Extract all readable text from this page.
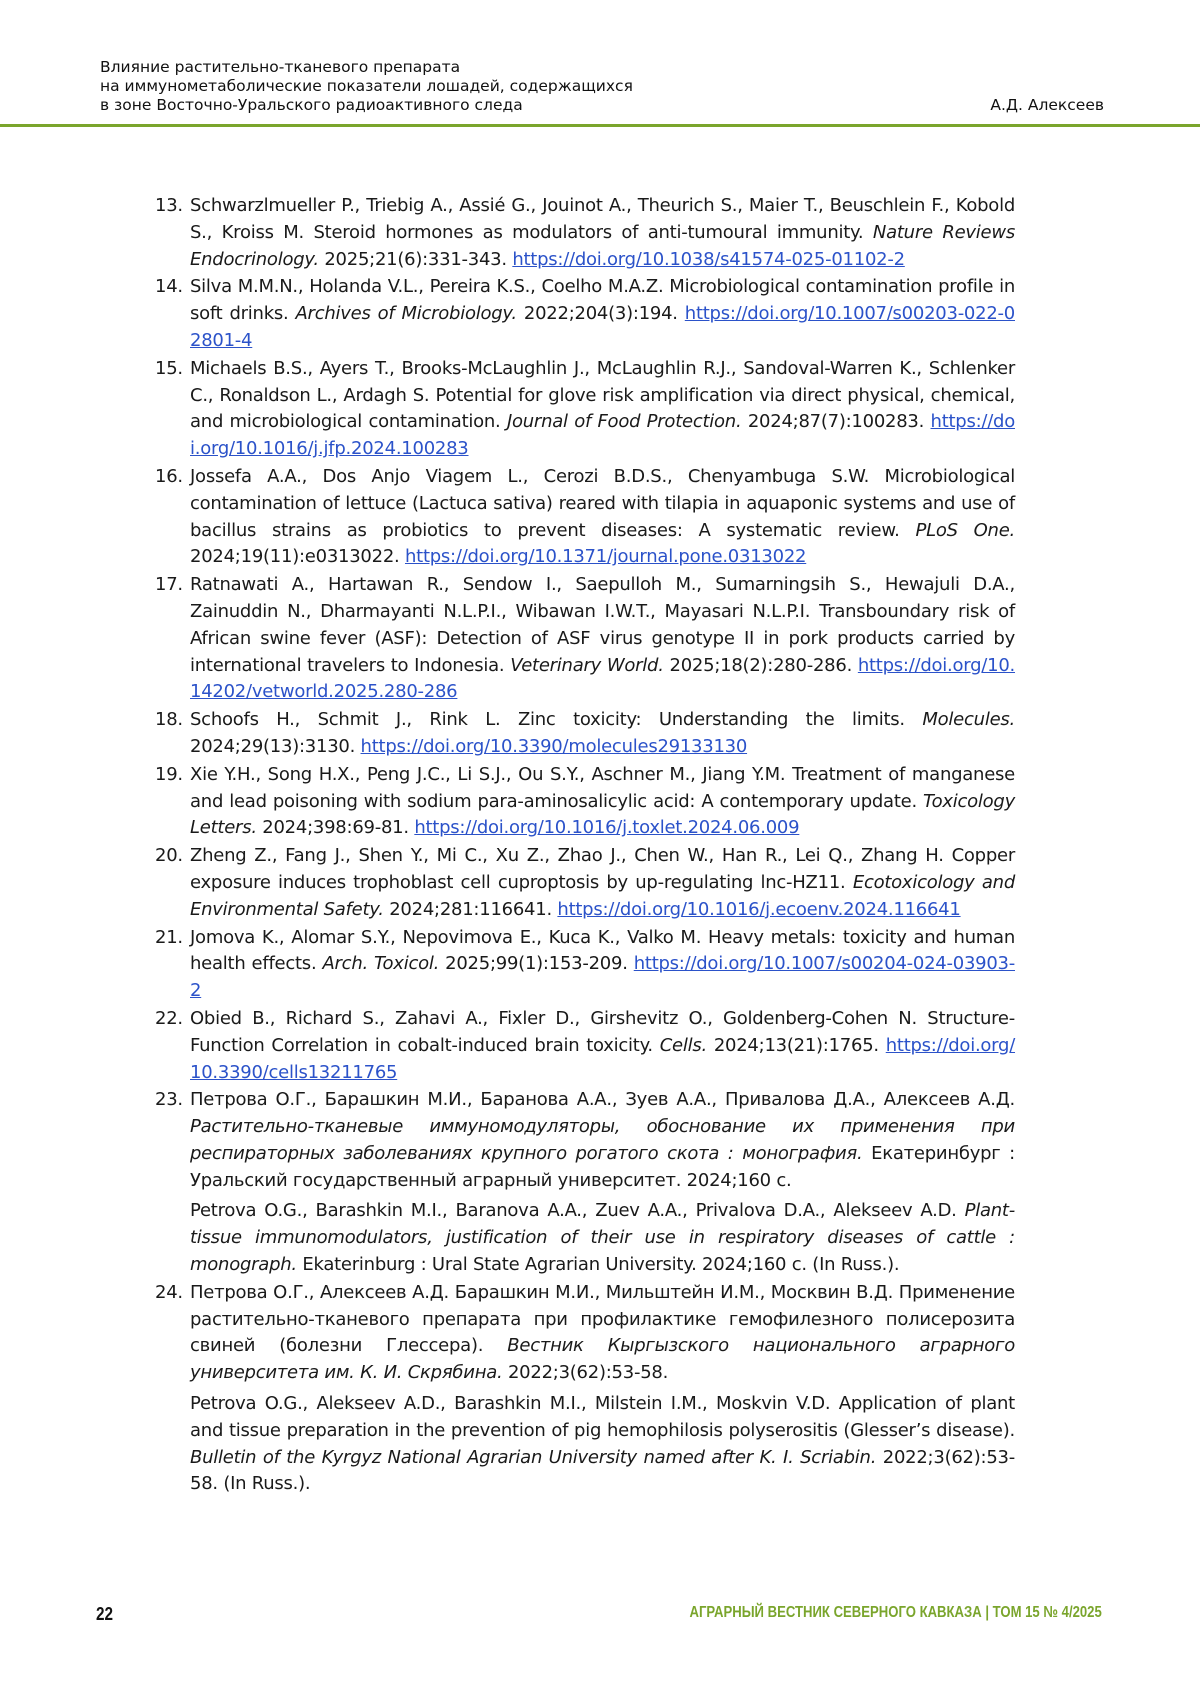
Влияние растительно-тканевого препарата
на иммунометаболические показатели лошадей, содержащихся
в зоне Восточно-Уральского радиоактивного следа	А.Д. Алексеев
13. Schwarzlmueller P., Triebig A., Assié G., Jouinot A., Theurich S., Maier T., Beuschlein F., Kobold S., Kroiss M. Steroid hormones as modulators of anti-tumoural immunity. Nature Reviews Endocrinology. 2025;21(6):331-343. https://doi.org/10.1038/s41574-025-01102-2
14. Silva M.M.N., Holanda V.L., Pereira K.S., Coelho M.A.Z. Microbiological contamination profile in soft drinks. Archives of Microbiology. 2022;204(3):194. https://doi.org/10.1007/s00203-022-02801-4
15. Michaels B.S., Ayers T., Brooks-McLaughlin J., McLaughlin R.J., Sandoval-Warren K., Schlenker C., Ronaldson L., Ardagh S. Potential for glove risk amplification via direct physical, chemical, and microbiological contamination. Journal of Food Protection. 2024;87(7):100283. https://doi.org/10.1016/j.jfp.2024.100283
16. Jossefa A.A., Dos Anjo Viagem L., Cerozi B.D.S., Chenyambuga S.W. Microbiological contamination of lettuce (Lactuca sativa) reared with tilapia in aquaponic systems and use of bacillus strains as probiotics to prevent diseases: A systematic review. PLoS One. 2024;19(11):e0313022. https://doi.org/10.1371/journal.pone.0313022
17. Ratnawati A., Hartawan R., Sendow I., Saepulloh M., Sumarningsih S., Hewajuli D.A., Zainuddin N., Dharmayanti N.L.P.I., Wibawan I.W.T., Mayasari N.L.P.I. Transboundary risk of African swine fever (ASF): Detection of ASF virus genotype II in pork products carried by international travelers to Indonesia. Veterinary World. 2025;18(2):280-286. https://doi.org/10.14202/vetworld.2025.280-286
18. Schoofs H., Schmit J., Rink L. Zinc toxicity: Understanding the limits. Molecules. 2024;29(13):3130. https://doi.org/10.3390/molecules29133130
19. Xie Y.H., Song H.X., Peng J.C., Li S.J., Ou S.Y., Aschner M., Jiang Y.M. Treatment of manganese and lead poisoning with sodium para-aminosalicylic acid: A contemporary update. Toxicology Letters. 2024;398:69-81. https://doi.org/10.1016/j.toxlet.2024.06.009
20. Zheng Z., Fang J., Shen Y., Mi C., Xu Z., Zhao J., Chen W., Han R., Lei Q., Zhang H. Copper exposure induces trophoblast cell cuproptosis by up-regulating lnc-HZ11. Ecotoxicology and Environmental Safety. 2024;281:116641. https://doi.org/10.1016/j.ecoenv.2024.116641
21. Jomova K., Alomar S.Y., Nepovimova E., Kuca K., Valko M. Heavy metals: toxicity and human health effects. Arch. Toxicol. 2025;99(1):153-209. https://doi.org/10.1007/s00204-024-03903-2
22. Obied B., Richard S., Zahavi A., Fixler D., Girshevitz O., Goldenberg-Cohen N. Structure-Function Correlation in cobalt-induced brain toxicity. Cells. 2024;13(21):1765. https://doi.org/10.3390/cells13211765
23. Петрова О.Г., Барашкин М.И., Баранова А.А., Зуев А.А., Привалова Д.А., Алексеев А.Д. Растительно-тканевые иммуномодуляторы, обоснование их применения при респираторных заболеваниях крупного рогатого скота : монография. Екатеринбург : Уральский государственный аграрный университет. 2024;160 с.
Petrova O.G., Barashkin M.I., Baranova A.A., Zuev A.A., Privalova D.A., Alekseev A.D. Plant-tissue immunomodulators, justification of their use in respiratory diseases of cattle : monograph. Ekaterinburg : Ural State Agrarian University. 2024;160 c. (In Russ.).
24. Петрова О.Г., Алексеев А.Д. Барашкин М.И., Мильштейн И.М., Москвин В.Д. Применение растительно-тканевого препарата при профилактике гемофилезного полисерозита свиней (болезни Глессера). Вестник Кыргызского национального аграрного университета им. К. И. Скрябина. 2022;3(62):53-58.
Petrova O.G., Alekseev A.D., Barashkin M.I., Milstein I.M., Moskvin V.D. Application of plant and tissue preparation in the prevention of pig hemophilosis polyserositis (Glesser’s disease). Bulletin of the Kyrgyz National Agrarian University named after K. I. Scriabin. 2022;3(62):53-58. (In Russ.).
22	АГРАРНЫЙ ВЕСТНИК СЕВЕРНОГО КАВКАЗА | ТОМ 15 № 4/2025
